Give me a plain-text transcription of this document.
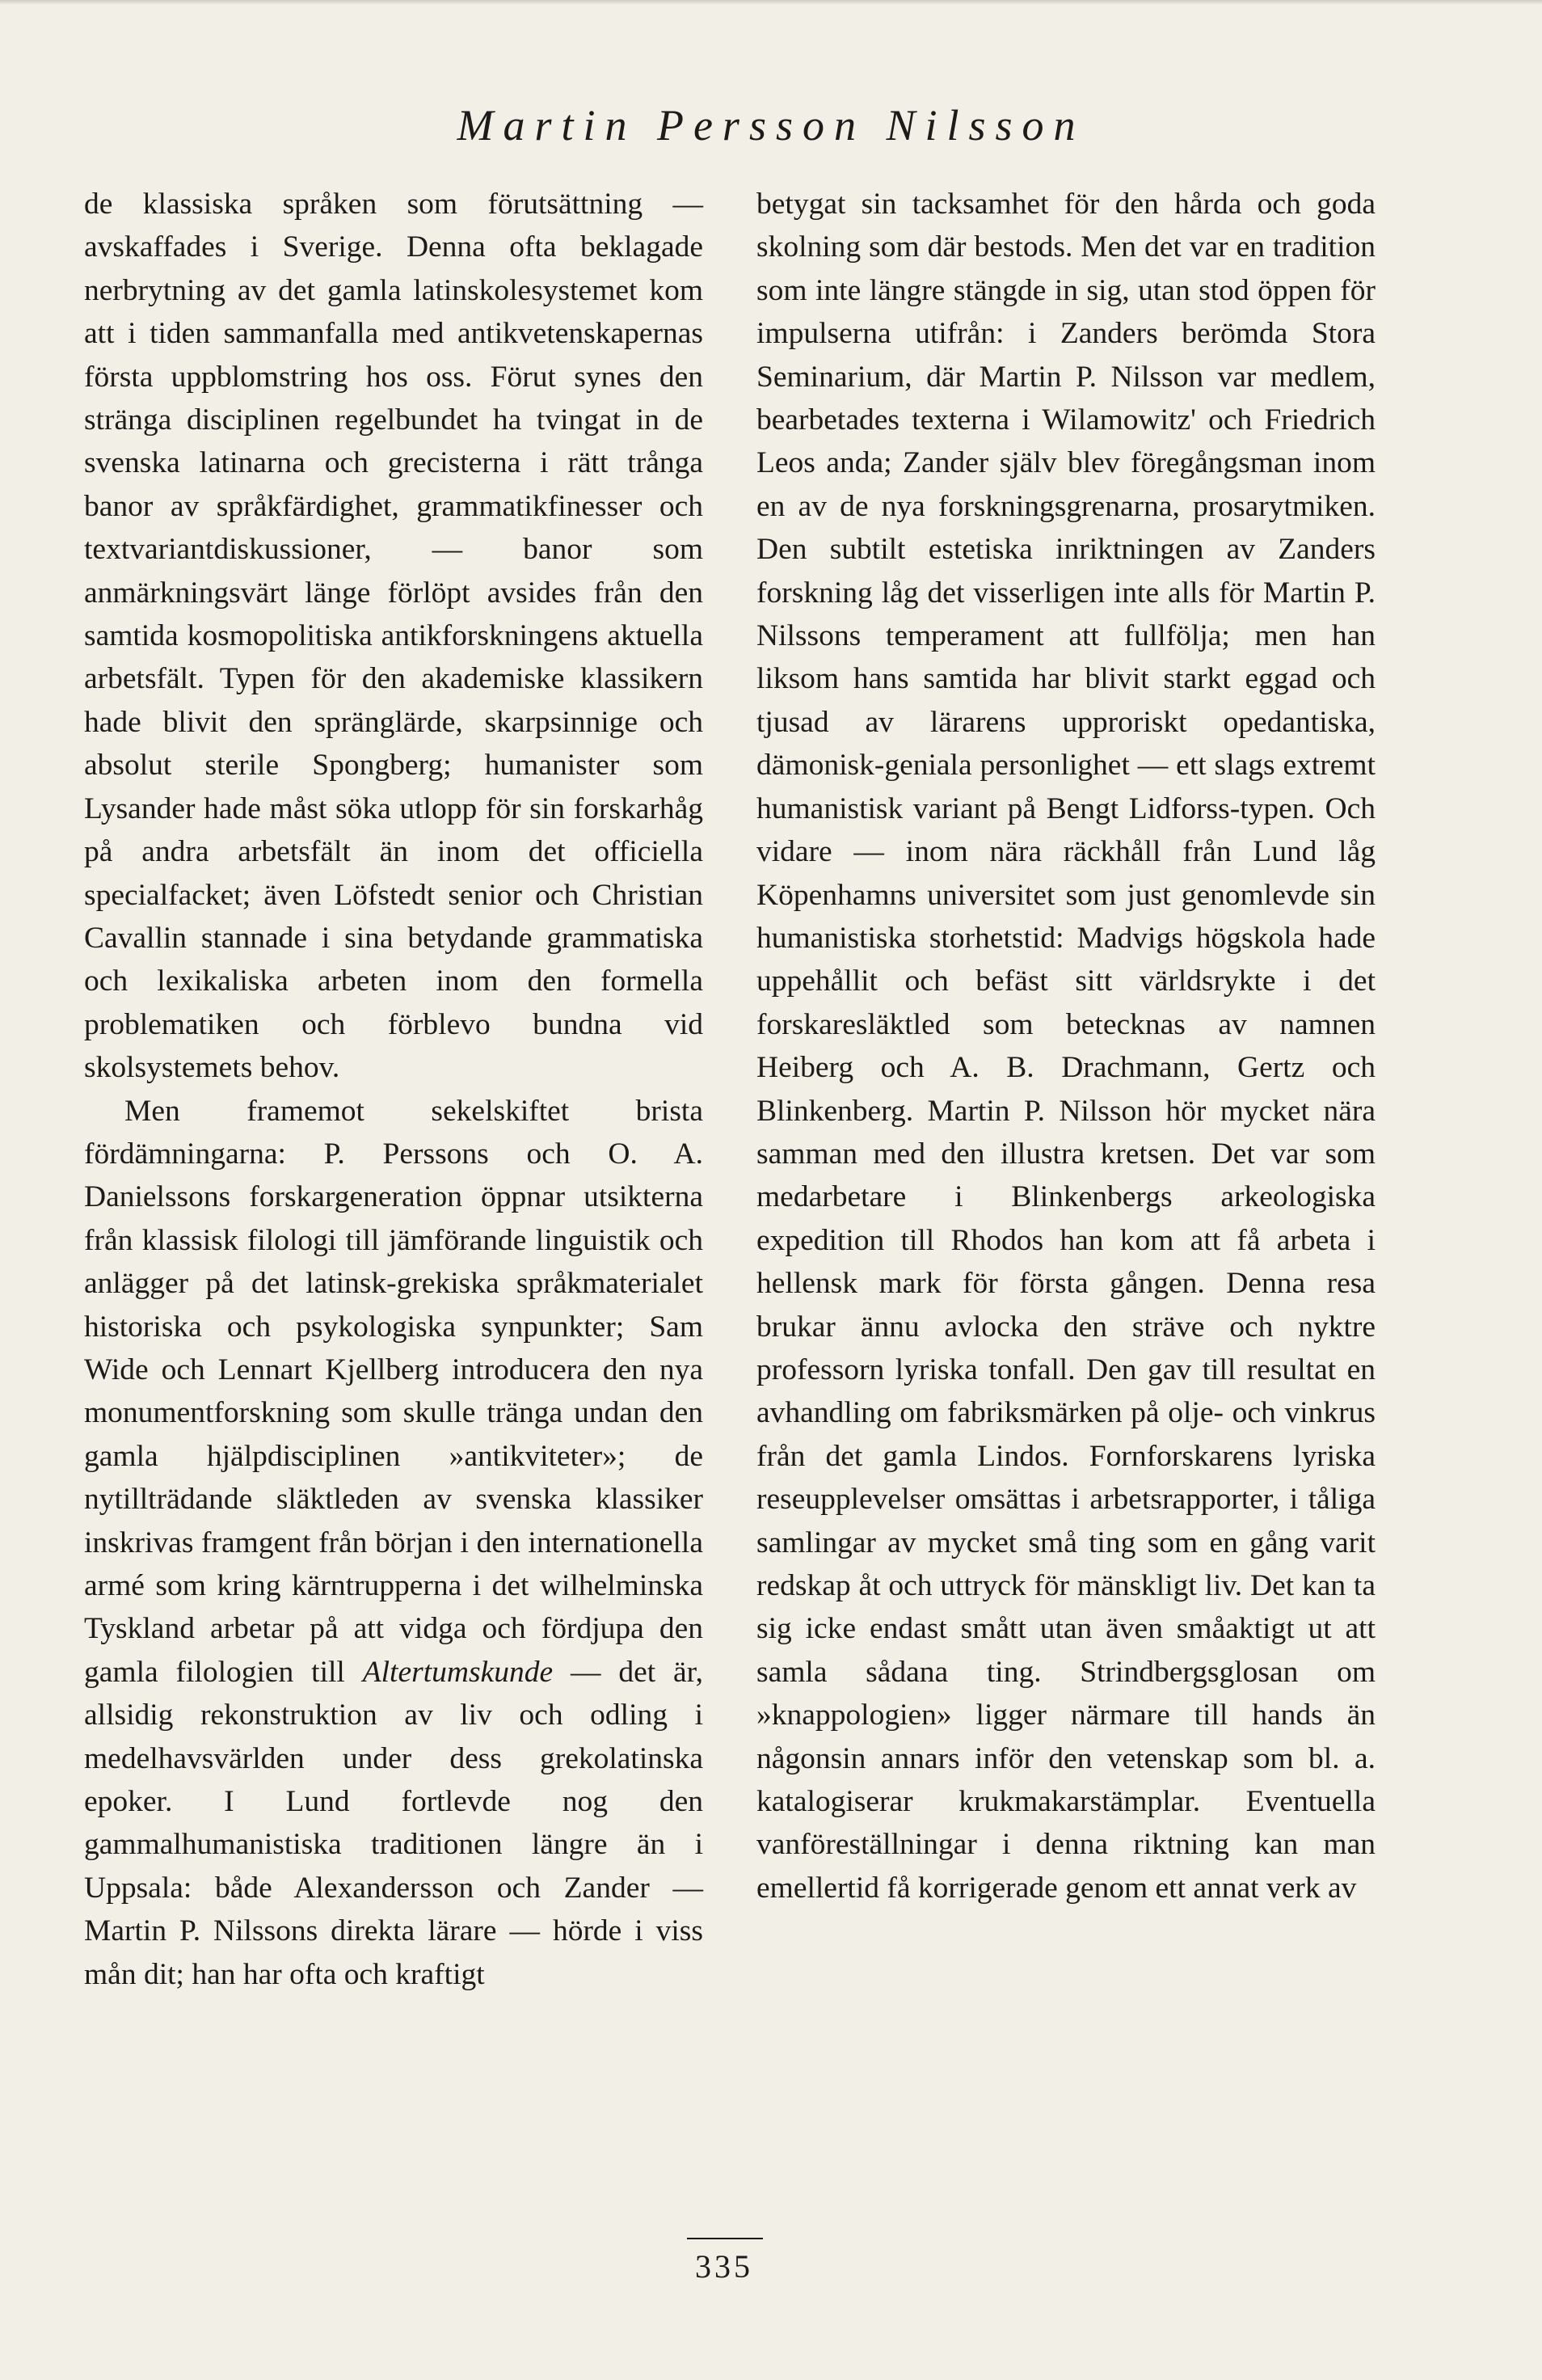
Martin Persson Nilsson

de klassiska språken som förutsättning — avskaffades i Sverige. Denna ofta beklagade nerbrytning av det gamla latinskolesystemet kom att i tiden sammanfalla med antikvetenskapernas första uppblomstring hos oss. Förut synes den stränga disciplinen regelbundet ha tvingat in de svenska latinarna och grecisterna i rätt trånga banor av språkfärdighet, grammatikfinesser och textvariantdiskussioner, — banor som anmärkningsvärt länge förlöpt avsides från den samtida kosmopolitiska antikforskningens aktuella arbetsfält. Typen för den akademiske klassikern hade blivit den spränglärde, skarpsinnige och absolut sterile Spongberg; humanister som Lysander hade måst söka utlopp för sin forskarhåg på andra arbetsfält än inom det officiella specialfacket; även Löfstedt senior och Christian Cavallin stannade i sina betydande grammatiska och lexikaliska arbeten inom den formella problematiken och förblevo bundna vid skolsystemets behov.

Men framemot sekelskiftet brista fördämningarna: P. Perssons och O. A. Danielssons forskargeneration öppnar utsikterna från klassisk filologi till jämförande linguistik och anlägger på det latinsk-grekiska språkmaterialet historiska och psykologiska synpunkter; Sam Wide och Lennart Kjellberg introducera den nya monumentforskning som skulle tränga undan den gamla hjälpdisciplinen »antikviteter»; de nytillträdande släktleden av svenska klassiker inskrivas framgent från början i den internationella armé som kring kärntrupperna i det wilhelminska Tyskland arbetar på att vidga och fördjupa den gamla filologien till Altertumskunde — det är, allsidig rekonstruktion av liv och odling i medelhavsvärlden under dess grekolatinska epoker. I Lund fortlevde nog den gammalhumanistiska traditionen längre än i Uppsala: både Alexandersson och Zander — Martin P. Nilssons direkta lärare — hörde i viss mån dit; han har ofta och kraftigt

betygat sin tacksamhet för den hårda och goda skolning som där bestods. Men det var en tradition som inte längre stängde in sig, utan stod öppen för impulserna utifrån: i Zanders berömda Stora Seminarium, där Martin P. Nilsson var medlem, bearbetades texterna i Wilamowitz' och Friedrich Leos anda; Zander själv blev föregångsman inom en av de nya forskningsgrenarna, prosarytmiken. Den subtilt estetiska inriktningen av Zanders forskning låg det visserligen inte alls för Martin P. Nilssons temperament att fullfölja; men han liksom hans samtida har blivit starkt eggad och tjusad av lärarens upproriskt opedantiska, dämonisk-geniala personlighet — ett slags extremt humanistisk variant på Bengt Lidforss-typen. Och vidare — inom nära räckhåll från Lund låg Köpenhamns universitet som just genomlevde sin humanistiska storhetstid: Madvigs högskola hade uppehållit och befäst sitt världsrykte i det forskaresläktled som betecknas av namnen Heiberg och A. B. Drachmann, Gertz och Blinkenberg. Martin P. Nilsson hör mycket nära samman med den illustra kretsen. Det var som medarbetare i Blinkenbergs arkeologiska expedition till Rhodos han kom att få arbeta i hellensk mark för första gången. Denna resa brukar ännu avlocka den sträve och nyktre professorn lyriska tonfall. Den gav till resultat en avhandling om fabriksmärken på olje- och vinkrus från det gamla Lindos. Fornforskarens lyriska reseupplevelser omsättas i arbetsrapporter, i tåliga samlingar av mycket små ting som en gång varit redskap åt och uttryck för mänskligt liv. Det kan ta sig icke endast smått utan även småaktigt ut att samla sådana ting. Strindbergsglosan om »knappologien» ligger närmare till hands än någonsin annars inför den vetenskap som bl. a. katalogiserar krukmakarstämplar. Eventuella vanföreställningar i denna riktning kan man emellertid få korrigerade genom ett annat verk av

335
